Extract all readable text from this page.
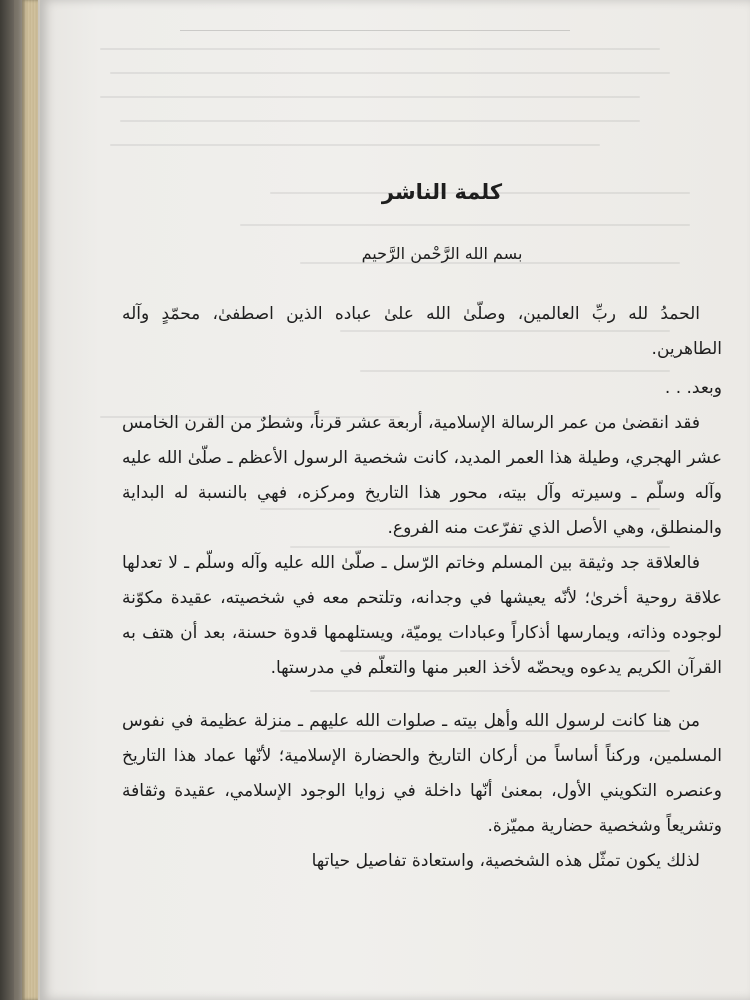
كلمة الناشر
بسم الله الرَّحْمن الرَّحيم

الحمدُ لله ربِّ العالمين، وصلّىٰ الله علىٰ عباده الذين اصطفىٰ، محمّدٍ وآله الطاهرين.

وبعد. . .

فقد انقضىٰ من عمر الرسالة الإسلامية، أربعة عشر قرناً، وشطرٌ من القرن الخامس عشر الهجري، وطيلة هذا العمر المديد، كانت شخصية الرسول الأعظم ـ صلّىٰ الله عليه وآله وسلّم ـ وسيرته وآل بيته، محور هذا التاريخ ومركزه، فهي بالنسبة له البداية والمنطلق، وهي الأصل الذي تفرّعت منه الفروع.

فالعلاقة جد وثيقة بين المسلم وخاتم الرّسل ـ صلّىٰ الله عليه وآله وسلّم ـ لا تعدلها علاقة روحية أخرىٰ؛ لأنّه يعيشها في وجدانه، وتلتحم معه في شخصيته، عقيدة مكوّنة لوجوده وذاته، ويمارسها أذكاراً وعبادات يوميّة، ويستلهمها قدوة حسنة، بعد أن هتف به القرآن الكريم يدعوه ويحضّه لأخذ العبر منها والتعلّم في مدرستها.

من هنا كانت لرسول الله وأهل بيته ـ صلوات الله عليهم ـ منزلة عظيمة في نفوس المسلمين، وركناً أساساً من أركان التاريخ والحضارة الإسلامية؛ لأنّها عماد هذا التاريخ وعنصره التكويني الأول، بمعنىٰ أنّها داخلة في زوايا الوجود الإسلامي، عقيدة وثقافة وتشريعاً وشخصية حضارية مميّزة.

لذلك يكون تمثّل هذه الشخصية، واستعادة تفاصيل حياتها
